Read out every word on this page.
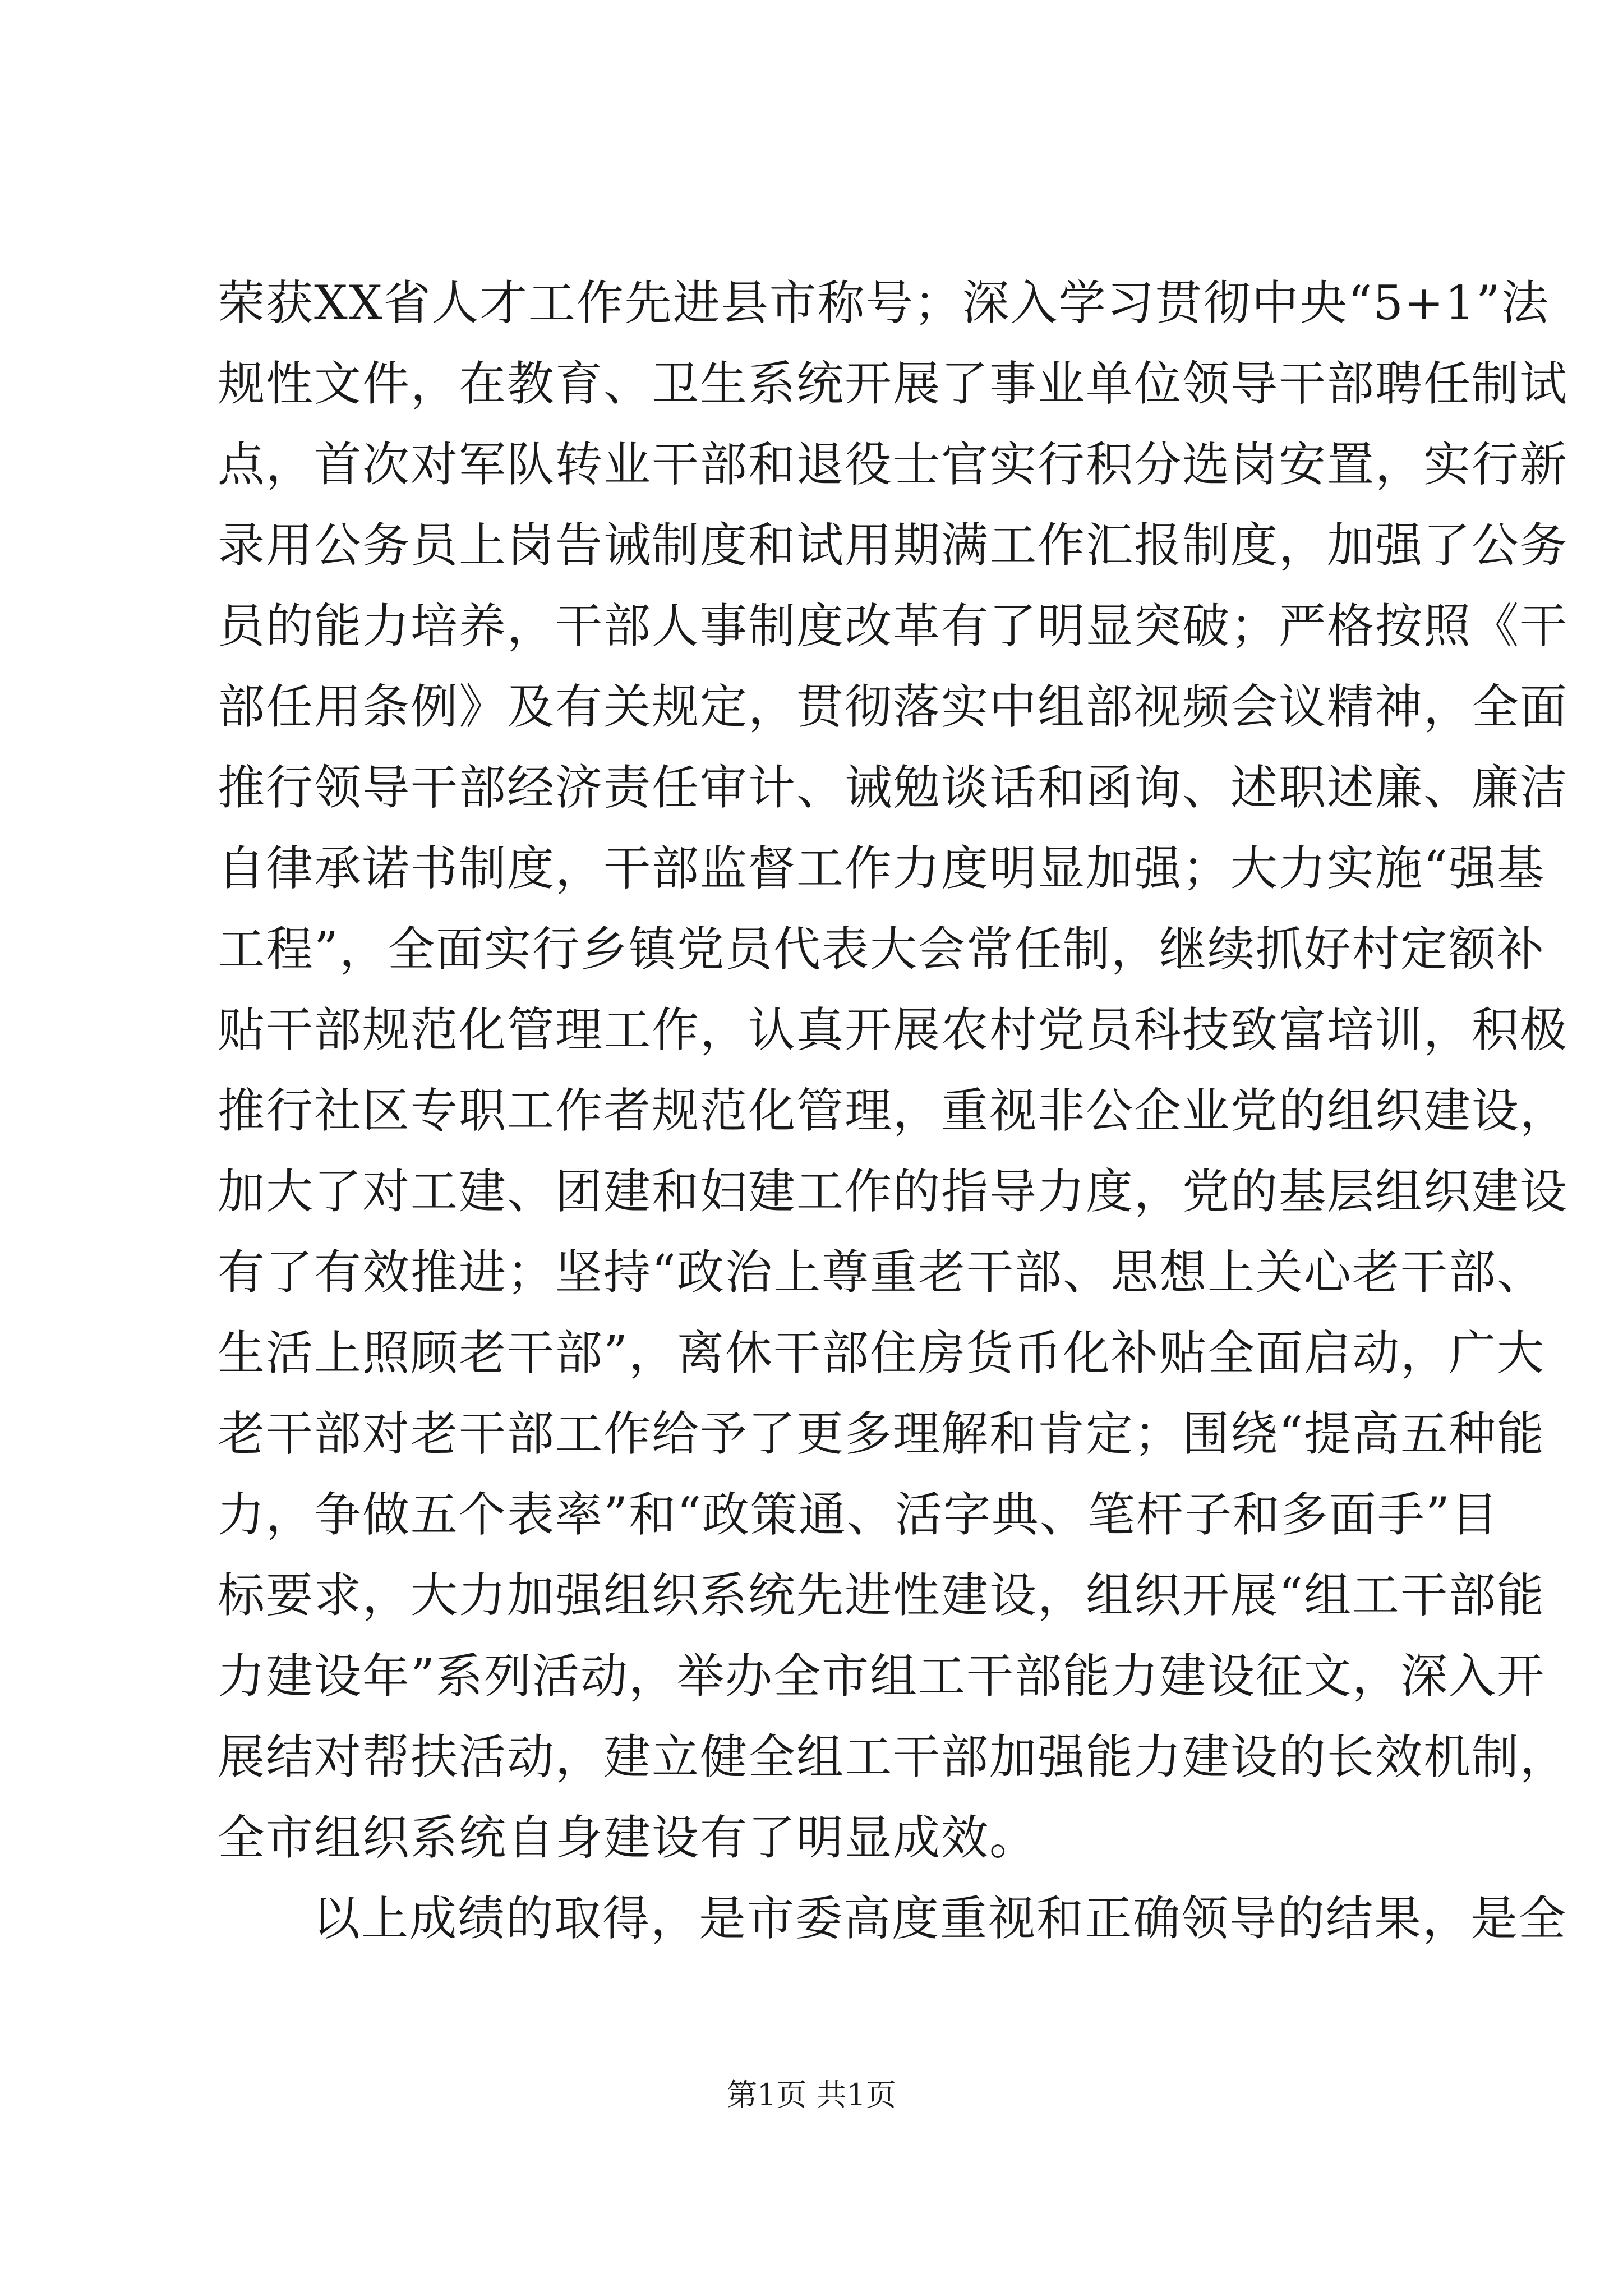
荣获XX省人才工作先进县市称号；深入学习贯彻中央“5+1”法
规性文件，在教育、卫生系统开展了事业单位领导干部聘任制试
点，首次对军队转业干部和退役士官实行积分选岗安置，实行新
录用公务员上岗告诫制度和试用期满工作汇报制度，加强了公务
员的能力培养，干部人事制度改革有了明显突破；严格按照《干
部任用条例》及有关规定，贯彻落实中组部视频会议精神，全面
推行领导干部经济责任审计、诫勉谈话和函询、述职述廉、廉洁
自律承诺书制度，干部监督工作力度明显加强；大力实施“强基
工程”，全面实行乡镇党员代表大会常任制，继续抓好村定额补
贴干部规范化管理工作，认真开展农村党员科技致富培训，积极
推行社区专职工作者规范化管理，重视非公企业党的组织建设，
加大了对工建、团建和妇建工作的指导力度，党的基层组织建设
有了有效推进；坚持“政治上尊重老干部、思想上关心老干部、
生活上照顾老干部”，离休干部住房货币化补贴全面启动，广大
老干部对老干部工作给予了更多理解和肯定；围绕“提高五种能
力，争做五个表率”和“政策通、活字典、笔杆子和多面手”目
标要求，大力加强组织系统先进性建设，组织开展“组工干部能
力建设年”系列活动，举办全市组工干部能力建设征文，深入开
展结对帮扶活动，建立健全组工干部加强能力建设的长效机制，
全市组织系统自身建设有了明显成效。
以上成绩的取得，是市委高度重视和正确领导的结果，是全
第1页 共1页
